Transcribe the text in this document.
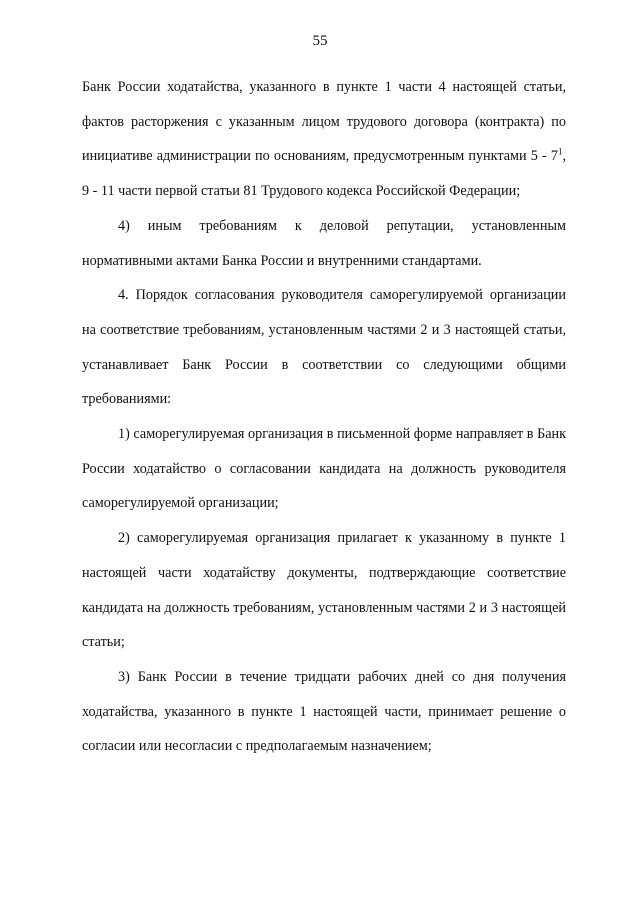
55

Банк России ходатайства, указанного в пункте 1 части 4 настоящей статьи, фактов расторжения с указанным лицом трудового договора (контракта) по инициативе администрации по основаниям, предусмотренным пунктами $5 - 7^1$, 9 - 11 части первой статьи 81 Трудового кодекса Российской Федерации;

4) иным требованиям к деловой репутации, установленным нормативными актами Банка России и внутренними стандартами.

4. Порядок согласования руководителя саморегулируемой организации на соответствие требованиям, установленным частями 2 и 3 настоящей статьи, устанавливает Банк России в соответствии со следующими общими требованиями:

1) саморегулируемая организация в письменной форме направляет в Банк России ходатайство о согласовании кандидата на должность руководителя саморегулируемой организации;

2) саморегулируемая организация прилагает к указанному в пункте 1 настоящей части ходатайству документы, подтверждающие соответствие кандидата на должность требованиям, установленным частями 2 и 3 настоящей статьи;

3) Банк России в течение тридцати рабочих дней со дня получения ходатайства, указанного в пункте 1 настоящей части, принимает решение о согласии или несогласии с предполагаемым назначением;
